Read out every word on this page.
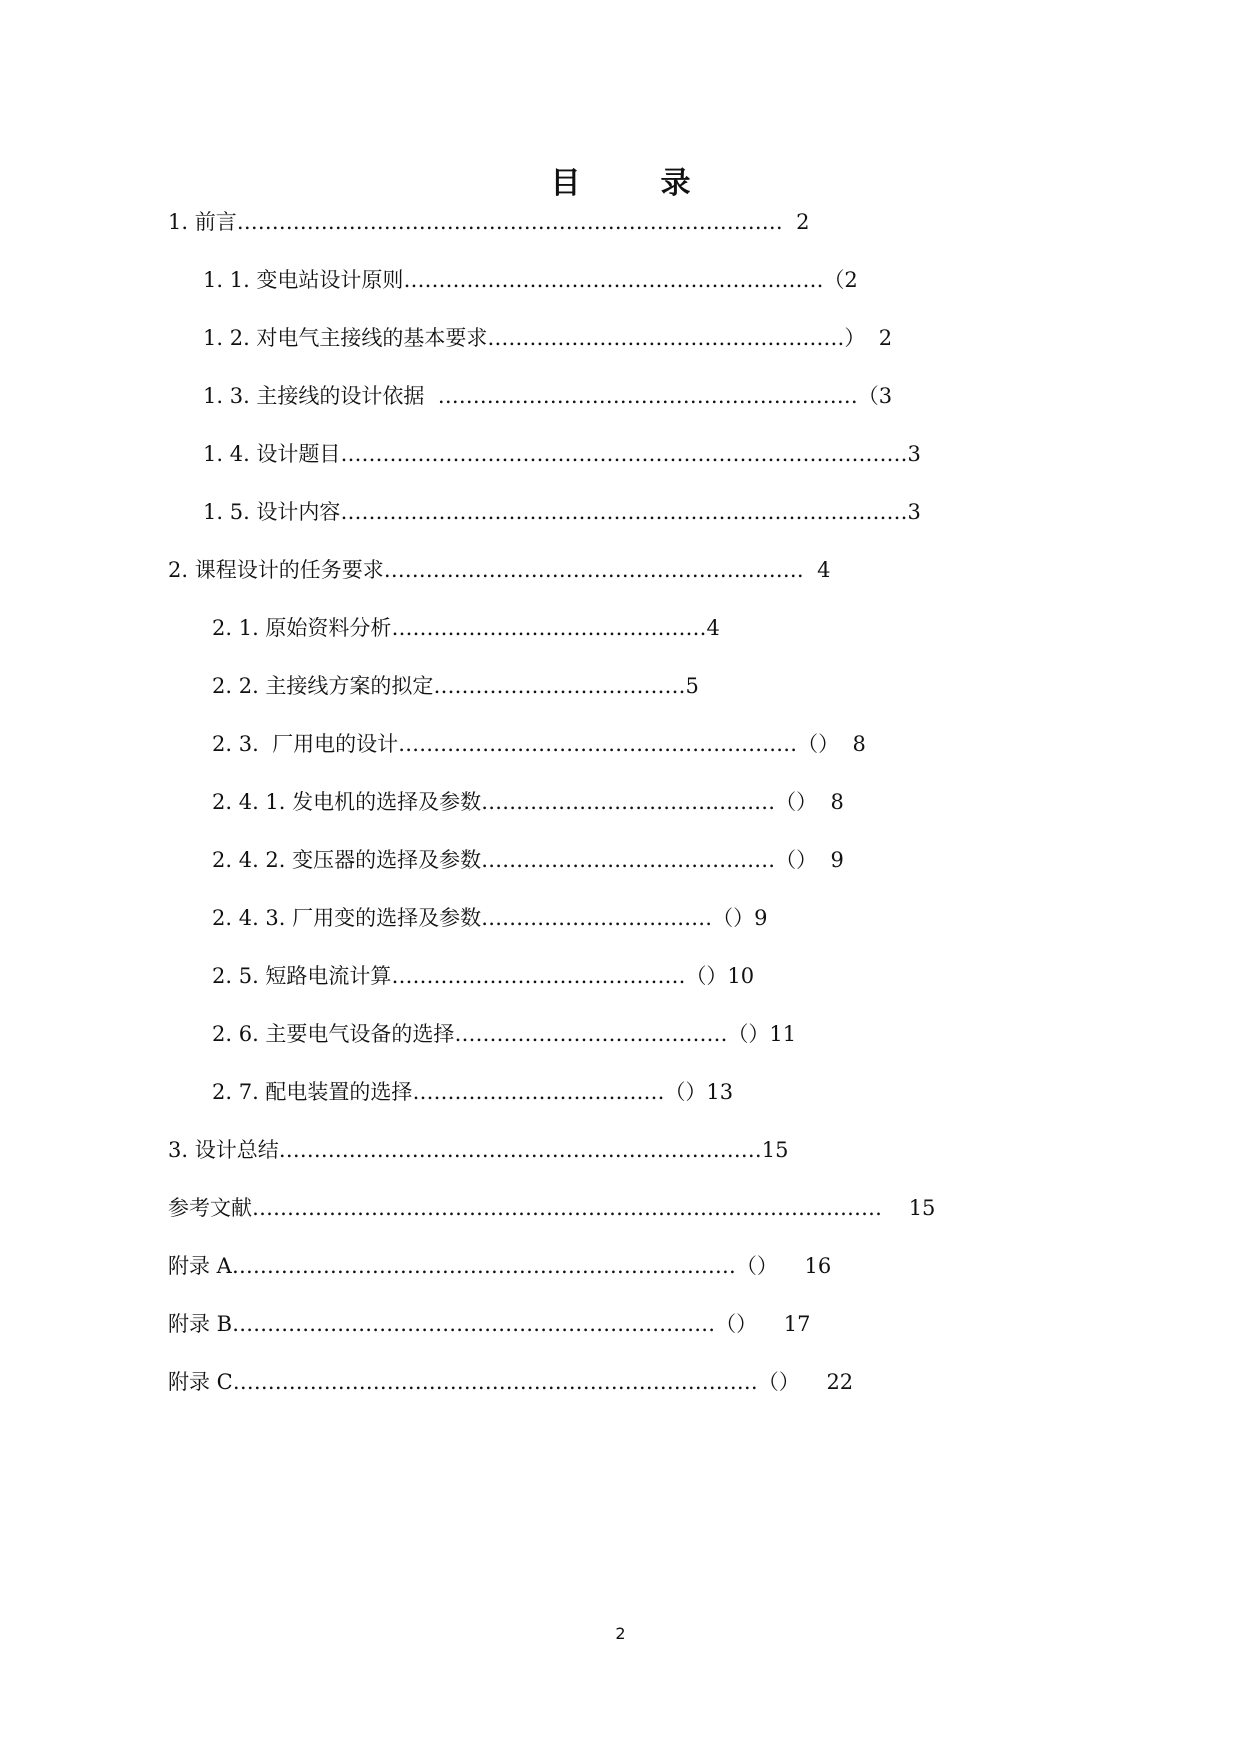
目	录
1. 前言……………………………………………………………………  2
1. 1. 变电站设计原则……………………………………………………（2
1. 2. 对电气主接线的基本要求……………………………………………）  2
1. 3. 主接线的设计依据  ……………………………………………………（3
1. 4. 设计题目………………………………………………………………………3
1. 5. 设计内容………………………………………………………………………3
2. 课程设计的任务要求……………………………………………………  4
2. 1. 原始资料分析………………………………………4
2. 2. 主接线方案的拟定………………………………5
2. 3.  厂用电的设计…………………………………………………（）  8
2. 4. 1. 发电机的选择及参数……………………………………（）  8
2. 4. 2. 变压器的选择及参数……………………………………（）  9
2. 4. 3. 厂用变的选择及参数……………………………（）9
2. 5. 短路电流计算……………………………………（）10
2. 6. 主要电气设备的选择…………………………………（）11
2. 7. 配电装置的选择………………………………（）13
3. 设计总结……………………………………………………………15
参考文献………………………………………………………………………………    15
附录 A………………………………………………………………（）    16
附录 B……………………………………………………………（）    17
附录 C…………………………………………………………………（）    22
2
